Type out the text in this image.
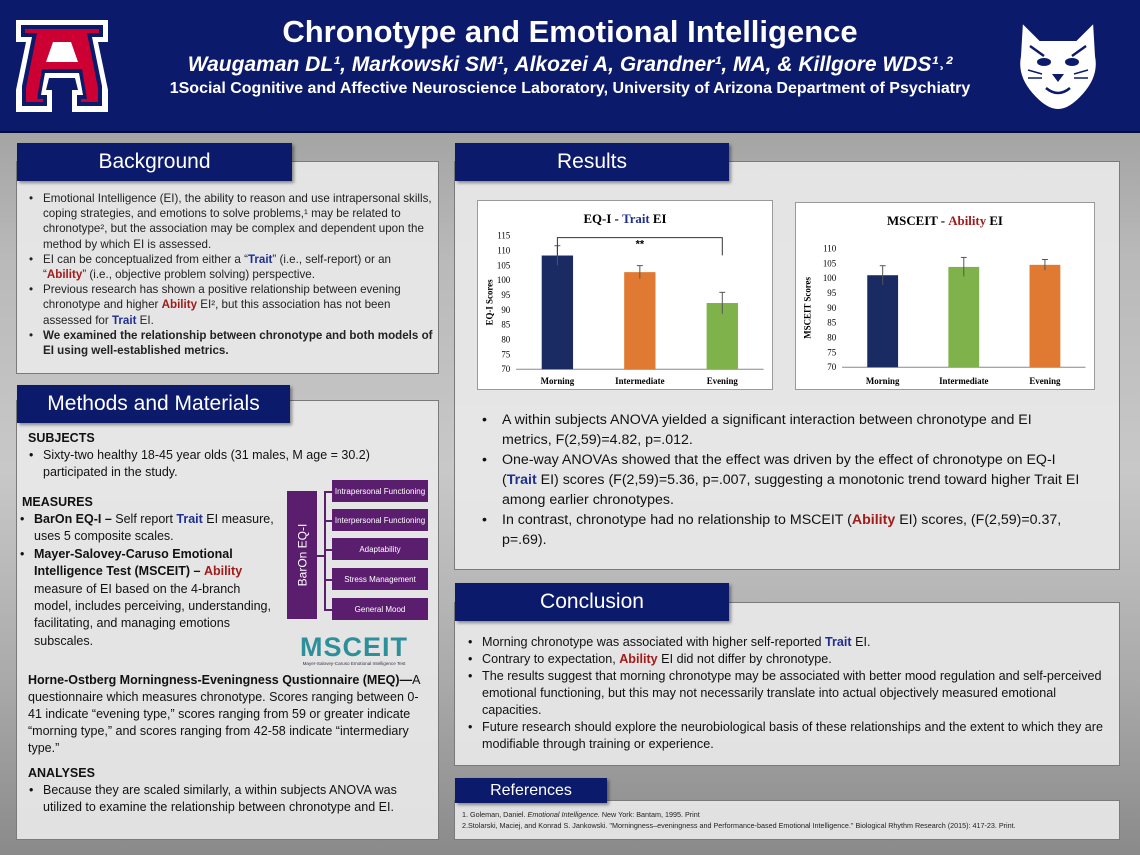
Chronotype and Emotional Intelligence
Waugaman DL¹, Markowski SM¹, Alkozei A, Grandner¹, MA, & Killgore WDS¹˒²
1Social Cognitive and Affective Neuroscience Laboratory, University of Arizona Department of Psychiatry
Background
• Emotional Intelligence (EI), the ability to reason and use intrapersonal skills, coping strategies, and emotions to solve problems,¹ may be related to chronotype², but the association may be complex and dependent upon the method by which EI is assessed.
• EI can be conceptualized from either a “Trait” (i.e., self-report) or an “Ability” (i.e., objective problem solving) perspective.
• Previous research has shown a positive relationship between evening chronotype and higher Ability EI², but this association has not been assessed for Trait EI.
• We examined the relationship between chronotype and both models of EI using well-established metrics.
Methods and Materials
SUBJECTS
• Sixty-two healthy 18-45 year olds (31 males, M age = 30.2) participated in the study.
MEASURES
• BarOn EQ-I – Self report Trait EI measure, uses 5 composite scales.
• Mayer-Salovey-Caruso Emotional Intelligence Test (MSCEIT) – Ability measure of EI based on the 4-branch model, includes perceiving, understanding, facilitating, and managing emotions subscales.
BarOn EQ-I
Intrapersonal Functioning
Interpersonal Functioning
Adaptability
Stress Management
General Mood
MSCEIT
Mayer-Salovey-Caruso Emotional Intelligence Test
Horne-Ostberg Morningness-Eveningness Qustionnaire (MEQ)—A questionnaire which measures chronotype. Scores ranging between 0-41 indicate “evening type,” scores ranging from 59 or greater indicate “morning type,” and scores ranging from 42-58 indicate “intermediary type.”
ANALYSES
• Because they are scaled similarly, a within subjects ANOVA was utilized to examine the relationship between chronotype and EI.
Results
EQ-I - Trait EI
EQ-I Scores
70
75
80
85
90
95
100
105
110
115
Morning	Intermediate	Evening
**
MSCEIT - Ability EI
MSCEIT Scores
70
75
80
85
90
95
100
105
110
Morning	Intermediate	Evening
• A within subjects ANOVA yielded a significant interaction between chronotype and EI metrics, F(2,59)=4.82, p=.012.
• One-way ANOVAs showed that the effect was driven by the effect of chronotype on EQ-I (Trait EI) scores (F(2,59)=5.36, p=.007, suggesting a monotonic trend toward higher Trait EI among earlier chronotypes.
• In contrast, chronotype had no relationship to MSCEIT (Ability EI) scores, (F(2,59)=0.37, p=.69).
Conclusion
• Morning chronotype was associated with higher self-reported Trait EI.
• Contrary to expectation, Ability EI did not differ by chronotype.
• The results suggest that morning chronotype may be associated with better mood regulation and self-perceived emotional functioning, but this may not necessarily translate into actual objectively measured emotional capacities.
• Future research should explore the neurobiological basis of these relationships and the extent to which they are modifiable through training or experience.
References
1. Goleman, Daniel. Emotional Intelligence. New York: Bantam, 1995. Print
2.Stolarski, Maciej, and Konrad S. Jankowski. "Morningness–eveningness and Performance-based Emotional Intelligence." Biological Rhythm Research (2015): 417-23. Print.
